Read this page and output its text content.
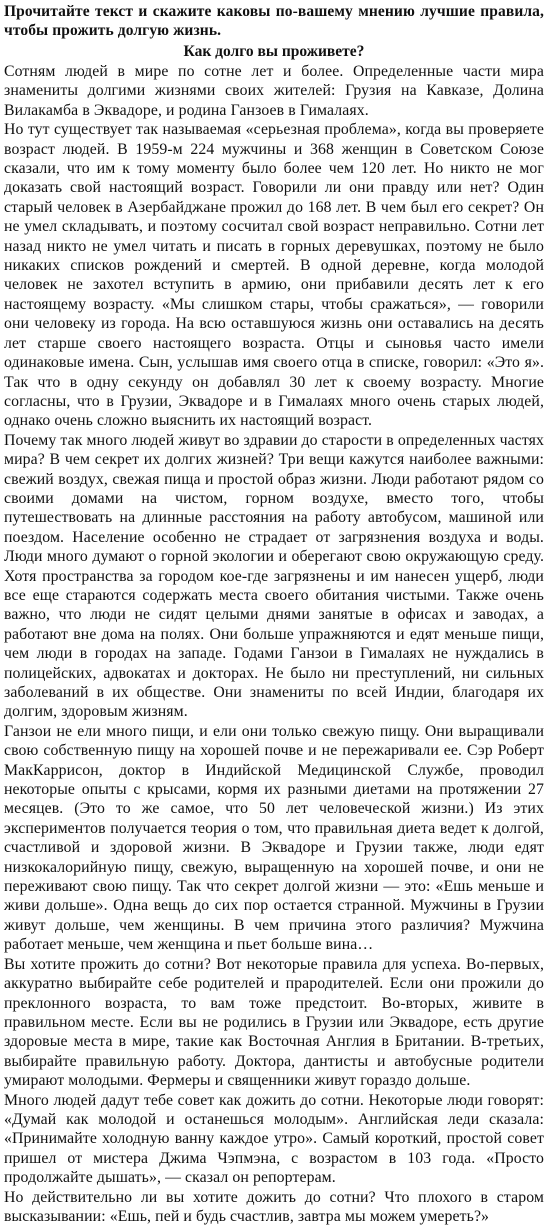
Прочитайте текст и скажите каковы по-вашему мнению лучшие правила, чтобы прожить долгую жизнь.

Как долго вы проживете?

Сотням людей в мире по сотне лет и более. Определенные части мира знамениты долгими жизнями своих жителей: Грузия на Кавказе, Долина Вилакамба в Эквадоре, и родина Ганзоев в Гималаях.

Но тут существует так называемая «серьезная проблема», когда вы проверяете возраст людей. В 1959-м 224 мужчины и 368 женщин в Советском Союзе сказали, что им к тому моменту было более чем 120 лет. Но никто не мог доказать свой настоящий возраст. Говорили ли они правду или нет? Один старый человек в Азербайджане прожил до 168 лет. В чем был его секрет? Он не умел складывать, и поэтому сосчитал свой возраст неправильно. Сотни лет назад никто не умел читать и писать в горных деревушках, поэтому не было никаких списков рождений и смертей. В одной деревне, когда молодой человек не захотел вступить в армию, они прибавили десять лет к его настоящему возрасту. «Мы слишком стары, чтобы сражаться», — говорили они человеку из города. На всю оставшуюся жизнь они оставались на десять лет старше своего настоящего возраста. Отцы и сыновья часто имели одинаковые имена. Сын, услышав имя своего отца в списке, говорил: «Это я». Так что в одну секунду он добавлял 30 лет к своему возрасту. Многие согласны, что в Грузии, Эквадоре и в Гималаях много очень старых людей, однако очень сложно выяснить их настоящий возраст.

Почему так много людей живут во здравии до старости в определенных частях мира? В чем секрет их долгих жизней? Три вещи кажутся наиболее важными: свежий воздух, свежая пища и простой образ жизни. Люди работают рядом со своими домами на чистом, горном воздухе, вместо того, чтобы путешествовать на длинные расстояния на работу автобусом, машиной или поездом. Население особенно не страдает от загрязнения воздуха и воды. Люди много думают о горной экологии и оберегают свою окружающую среду. Хотя пространства за городом кое-где загрязнены и им нанесен ущерб, люди все еще стараются содержать места своего обитания чистыми. Также очень важно, что люди не сидят целыми днями занятые в офисах и заводах, а работают вне дома на полях. Они больше упражняются и едят меньше пищи, чем люди в городах на западе. Годами Ганзои в Гималаях не нуждались в полицейских, адвокатах и докторах. Не было ни преступлений, ни сильных заболеваний в их обществе. Они знамениты по всей Индии, благодаря их долгим, здоровым жизням.

Ганзои не ели много пищи, и ели они только свежую пищу. Они выращивали свою собственную пищу на хорошей почве и не пережаривали ее. Сэр Роберт МакКаррисон, доктор в Индийской Медицинской Службе, проводил некоторые опыты с крысами, кормя их разными диетами на протяжении 27 месяцев. (Это то же самое, что 50 лет человеческой жизни.) Из этих экспериментов получается теория о том, что правильная диета ведет к долгой, счастливой и здоровой жизни. В Эквадоре и Грузии также, люди едят низкокалорийную пищу, свежую, выращенную на хорошей почве, и они не переживают свою пищу. Так что секрет долгой жизни — это: «Ешь меньше и живи дольше». Одна вещь до сих пор остается странной. Мужчины в Грузии живут дольше, чем женщины. В чем причина этого различия? Мужчина работает меньше, чем женщина и пьет больше вина…

Вы хотите прожить до сотни? Вот некоторые правила для успеха. Во-первых, аккуратно выбирайте себе родителей и прародителей. Если они прожили до преклонного возраста, то вам тоже предстоит. Во-вторых, живите в правильном месте. Если вы не родились в Грузии или Эквадоре, есть другие здоровые места в мире, такие как Восточная Англия в Британии. В-третьих, выбирайте правильную работу. Доктора, дантисты и автобусные родители умирают молодыми. Фермеры и священники живут гораздо дольше.

Много людей дадут тебе совет как дожить до сотни. Некоторые люди говорят: «Думай как молодой и останешься молодым». Английская леди сказала: «Принимайте холодную ванну каждое утро». Самый короткий, простой совет пришел от мистера Джима Чэпмэна, с возрастом в 103 года. «Просто продолжайте дышать», — сказал он репортерам.

Но действительно ли вы хотите дожить до сотни? Что плохого в старом высказывании: «Ешь, пей и будь счастлив, завтра мы можем умереть?»
